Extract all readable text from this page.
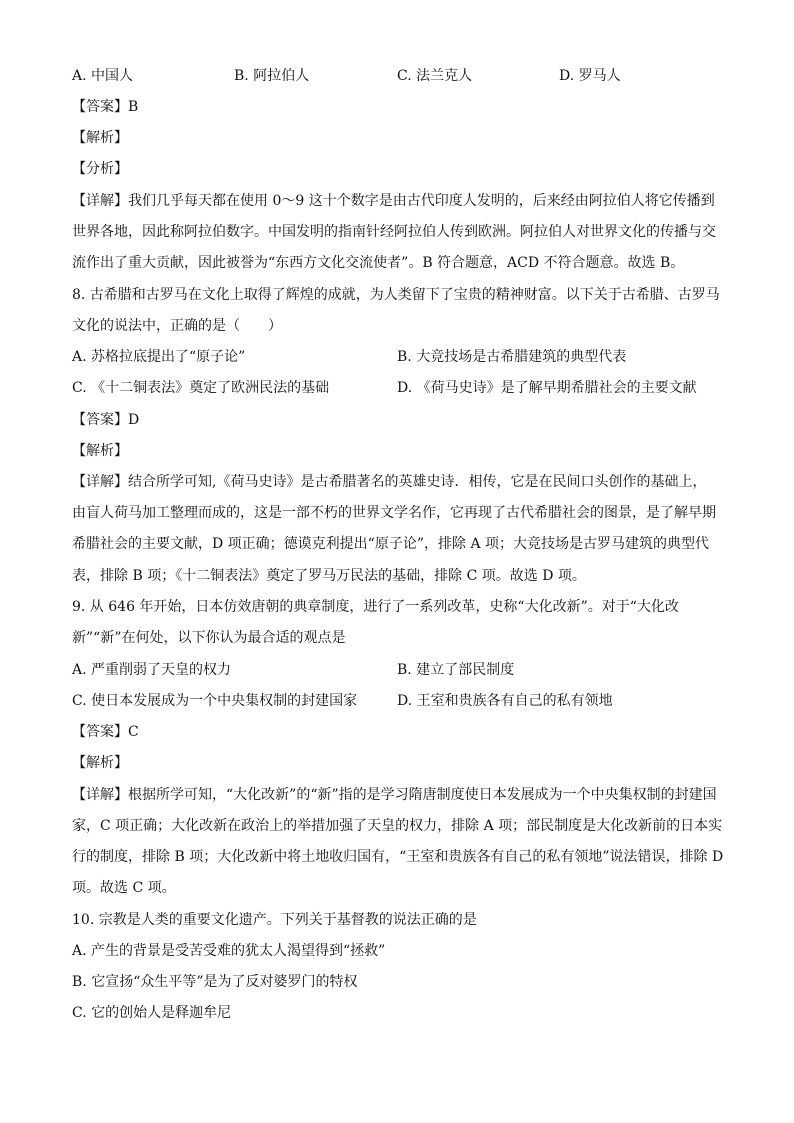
A. 中国人	B. 阿拉伯人	C. 法兰克人	D. 罗马人
【答案】B
【解析】
【分析】
【详解】我们几乎每天都在使用 0～9 这十个数字是由古代印度人发明的，后来经由阿拉伯人将它传播到
世界各地，因此称阿拉伯数字。中国发明的指南针经阿拉伯人传到欧洲。阿拉伯人对世界文化的传播与交
流作出了重大贡献，因此被誉为“东西方文化交流使者”。B 符合题意，ACD 不符合题意。故选 B。
8. 古希腊和古罗马在文化上取得了辉煌的成就，为人类留下了宝贵的精神财富。以下关于古希腊、古罗马
文化的说法中，正确的是（　　）
A. 苏格拉底提出了“原子论”	B. 大竞技场是古希腊建筑的典型代表
C. 《十二铜表法》奠定了欧洲民法的基础	D. 《荷马史诗》是了解早期希腊社会的主要文献
【答案】D
【解析】
【详解】结合所学可知,《荷马史诗》是古希腊著名的英雄史诗．相传，它是在民间口头创作的基础上，
由盲人荷马加工整理而成的，这是一部不朽的世界文学名作，它再现了古代希腊社会的图景，是了解早期
希腊社会的主要文献，D 项正确；德谟克利提出“原子论”，排除 A 项；大竞技场是古罗马建筑的典型代
表，排除 B 项；《十二铜表法》奠定了罗马万民法的基础，排除 C 项。故选 D 项。
9. 从 646 年开始，日本仿效唐朝的典章制度，进行了一系列改革，史称“大化改新”。对于“大化改
新”“新”在何处，以下你认为最合适的观点是
A. 严重削弱了天皇的权力	B. 建立了部民制度
C. 使日本发展成为一个中央集权制的封建国家	D. 王室和贵族各有自己的私有领地
【答案】C
【解析】
【详解】根据所学可知，“大化改新”的“新”指的是学习隋唐制度使日本发展成为一个中央集权制的封建国
家，C 项正确；大化改新在政治上的举措加强了天皇的权力，排除 A 项；部民制度是大化改新前的日本实
行的制度，排除 B 项；大化改新中将土地收归国有，“王室和贵族各有自己的私有领地”说法错误，排除 D
项。故选 C 项。
10. 宗教是人类的重要文化遗产。下列关于基督教的说法正确的是
A. 产生的背景是受苦受难的犹太人渴望得到“拯救”
B. 它宣扬“众生平等”是为了反对婆罗门的特权
C. 它的创始人是释迦牟尼
